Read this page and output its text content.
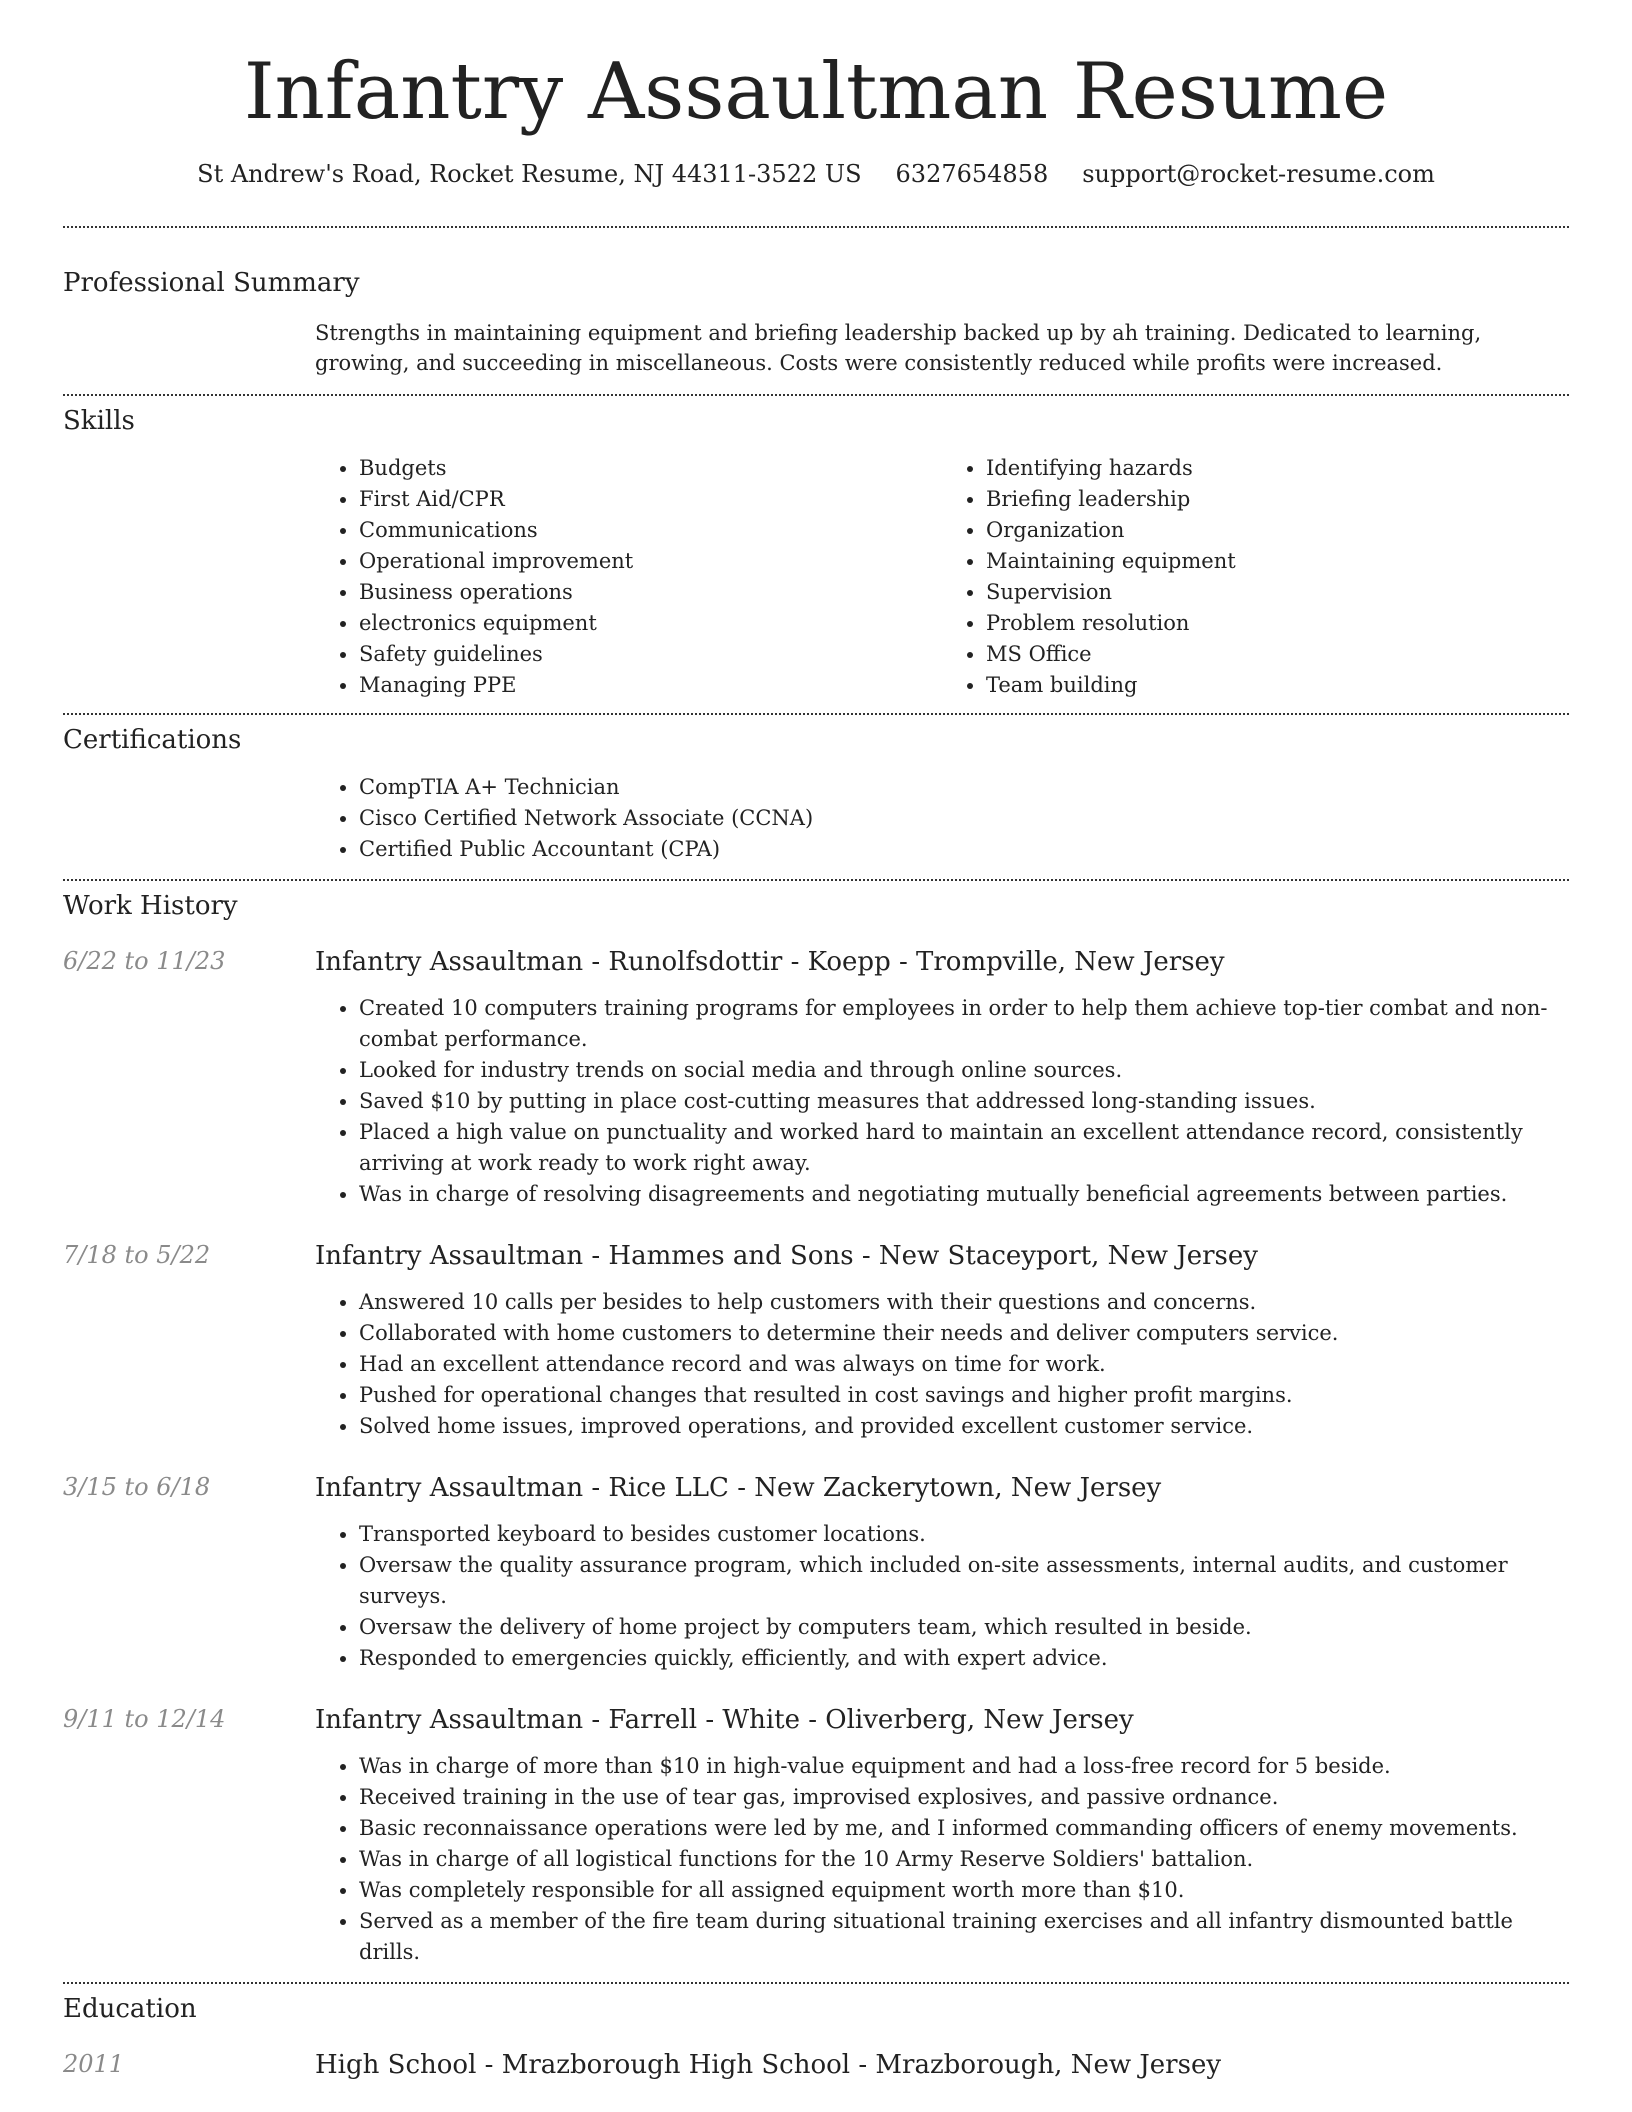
Infantry Assaultman Resume
St Andrew's Road, Rocket Resume, NJ 44311-3522 US 6327654858 support@rocket-resume.com
Professional Summary

Strengths in maintaining equipment and briefing leadership backed up by ah training. Dedicated to learning, growing, and succeeding in miscellaneous. Costs were consistently reduced while profits were increased.

Skills
• Budgets
• First Aid/CPR
• Communications
• Operational improvement
• Business operations
• electronics equipment
• Safety guidelines
• Managing PPE
• Identifying hazards
• Briefing leadership
• Organization
• Maintaining equipment
• Supervision
• Problem resolution
• MS Office
• Team building
Certifications
• CompTIA A+ Technician
• Cisco Certified Network Associate (CCNA)
• Certified Public Accountant (CPA)
Work History
6/22 to 11/23	Infantry Assaultman - Runolfsdottir - Koepp - Trompville, New Jersey
• Created 10 computers training programs for employees in order to help them achieve top-tier combat and non-combat performance.
• Looked for industry trends on social media and through online sources.
• Saved $10 by putting in place cost-cutting measures that addressed long-standing issues.
• Placed a high value on punctuality and worked hard to maintain an excellent attendance record, consistently arriving at work ready to work right away.
• Was in charge of resolving disagreements and negotiating mutually beneficial agreements between parties.
7/18 to 5/22	Infantry Assaultman - Hammes and Sons - New Staceyport, New Jersey
• Answered 10 calls per besides to help customers with their questions and concerns.
• Collaborated with home customers to determine their needs and deliver computers service.
• Had an excellent attendance record and was always on time for work.
• Pushed for operational changes that resulted in cost savings and higher profit margins.
• Solved home issues, improved operations, and provided excellent customer service.
3/15 to 6/18	Infantry Assaultman - Rice LLC - New Zackerytown, New Jersey
• Transported keyboard to besides customer locations.
• Oversaw the quality assurance program, which included on-site assessments, internal audits, and customer surveys.
• Oversaw the delivery of home project by computers team, which resulted in beside.
• Responded to emergencies quickly, efficiently, and with expert advice.
9/11 to 12/14	Infantry Assaultman - Farrell - White - Oliverberg, New Jersey
• Was in charge of more than $10 in high-value equipment and had a loss-free record for 5 beside.
• Received training in the use of tear gas, improvised explosives, and passive ordnance.
• Basic reconnaissance operations were led by me, and I informed commanding officers of enemy movements.
• Was in charge of all logistical functions for the 10 Army Reserve Soldiers' battalion.
• Was completely responsible for all assigned equipment worth more than $10.
• Served as a member of the fire team during situational training exercises and all infantry dismounted battle drills.
Education
2011	High School - Mrazborough High School - Mrazborough, New Jersey
